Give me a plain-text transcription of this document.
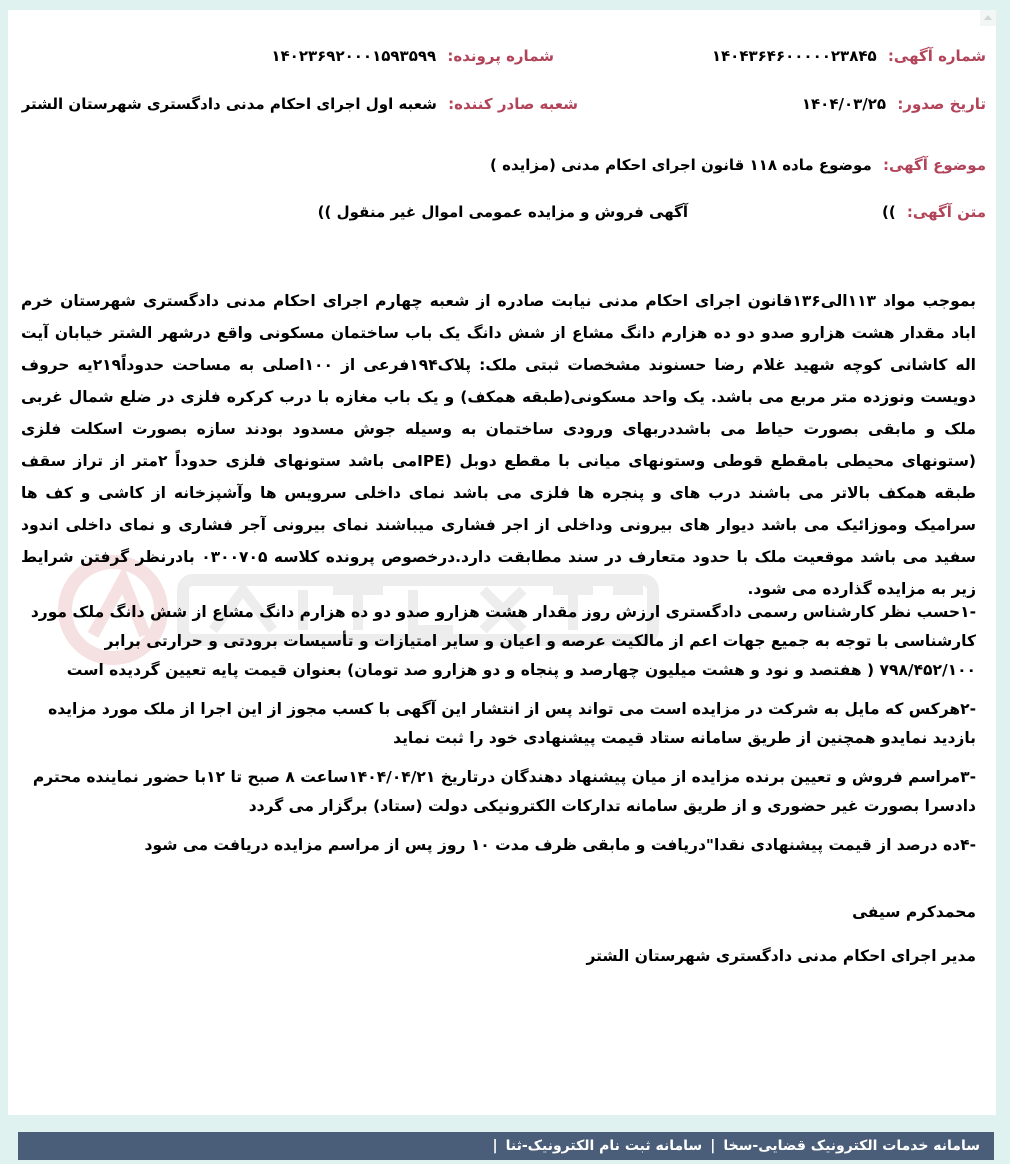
شماره آگهی: ۱۴۰۴۳۶۴۶۰۰۰۰۰۲۳۸۴۵
شماره پرونده: ۱۴۰۲۳۶۹۲۰۰۰۱۵۹۳۵۹۹
تاریخ صدور: ۱۴۰۴/۰۳/۲۵
شعبه صادر کننده: شعبه اول اجرای احکام مدنی دادگستری شهرستان الشتر
موضوع آگهی: موضوع ماده ۱۱۸ قانون اجرای احکام مدنی (مزایده )
متن آگهی: ))
آگهی فروش و مزایده عمومی اموال غیر منقول ))

بموجب مواد ۱۱۳الی۱۳۶قانون اجرای احکام مدنی نیابت صادره از شعبه چهارم اجرای احکام مدنی دادگستری شهرستان خرم اباد مقدار هشت هزارو صدو دو ده هزارم دانگ مشاع از شش دانگ یک باب ساختمان مسکونی واقع درشهر الشتر خیابان آیت اله کاشانی کوچه شهید غلام رضا حسنوند مشخصات ثبتی ملک: پلاک۱۹۴فرعی از ۱۰۰اصلی به مساحت حدوداً۲۱۹یه حروف دویست ونوزده متر مربع می باشد. یک واحد مسکونی(طبقه همکف) و یک باب مغازه با درب کرکره فلزی در ضلع شمال غربی ملک و مابقی بصورت حیاط می باشددربهای ورودی ساختمان به وسیله جوش مسدود بودند سازه بصورت اسکلت فلزی (ستونهای محیطی بامقطع قوطی وستونهای میانی با مقطع دوبل (IPEمی باشد ستونهای فلزی حدوداً ۲متر از تراز سقف طبقه همکف بالاتر می باشند درب های و پنجره ها فلزی می باشد نمای داخلی سرویس ها وآشپزخانه از کاشی و کف ها سرامیک وموزائیک می باشد دیوار های بیرونی وداخلی از اجر فشاری میباشند نمای بیرونی آجر فشاری و نمای داخلی اندود سفید می باشد موقعیت ملک با حدود متعارف در سند مطابقت دارد.درخصوص پرونده کلاسه ۰۳۰۰۷۰۵ بادرنظر گرفتن شرایط زیر به مزایده گذارده می شود.

-۱حسب نظر کارشناس رسمی دادگستری ارزش روز مقدار هشت هزارو صدو دو ده هزارم دانگ مشاع از شش دانگ ملک مورد کارشناسی با توجه به جمیع جهات اعم از مالکیت عرصه و اعیان و سایر امتیازات و تأسیسات برودتی و حرارتی برابر ۷۹۸/۴۵۲/۱۰۰ ( هفتصد و نود و هشت میلیون چهارصد و پنجاه و دو هزارو صد تومان) بعنوان قیمت پایه تعیین گردیده است

-۲هرکس که مایل به شرکت در مزایده است می تواند پس از انتشار این آگهی با کسب مجوز از این اجرا از ملک مورد مزایده بازدید نمایدو همچنین از طریق سامانه ستاد قیمت پیشنهادی خود را ثبت نماید

-۳مراسم فروش و تعیین برنده مزایده از میان پیشنهاد دهندگان درتاریخ ۱۴۰۴/۰۴/۲۱ساعت ۸ صبح تا ۱۲با حضور نماینده محترم دادسرا بصورت غیر حضوری و از طریق سامانه تدارکات الکترونیکی دولت (ستاد) برگزار می گردد

-۴ده درصد از قیمت پیشنهادی نقدا"دریافت و مابقی ظرف مدت ۱۰ روز پس از مراسم مزایده دریافت می شود

محمدکرم سیفی
مدیر اجرای احکام مدنی دادگستری شهرستان الشتر
سامانه خدمات الکترونیک قضایی-سخا
|
سامانه ثبت نام الکترونیک-ثنا
|
